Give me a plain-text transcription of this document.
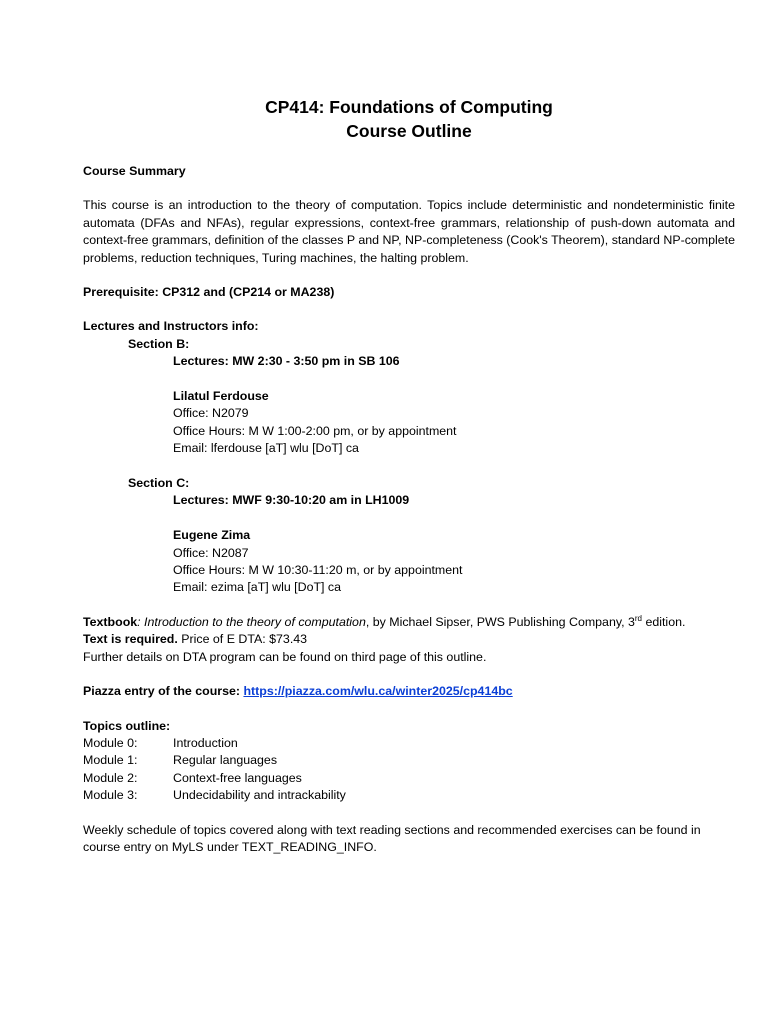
CP414: Foundations of Computing

Course Outline

Course Summary

This course is an introduction to the theory of computation. Topics include deterministic and nondeterministic finite automata (DFAs and NFAs), regular expressions, context-free grammars, relationship of push-down automata and context-free grammars, definition of the classes P and NP, NP-completeness (Cook's Theorem), standard NP-complete problems, reduction techniques, Turing machines, the halting problem.

Prerequisite: CP312 and (CP214 or MA238)

Lectures and Instructors info:

Section B:

Lectures: MW 2:30 - 3:50 pm in SB 106

Lilatul Ferdouse

Office: N2079

Office Hours: M W 1:00-2:00 pm, or by appointment

Email: lferdouse [aT] wlu [DoT] ca

Section C:

Lectures: MWF 9:30-10:20 am in LH1009

Eugene Zima

Office: N2087

Office Hours: M W 10:30-11:20 m, or by appointment

Email: ezima [aT] wlu [DoT] ca

Textbook: Introduction to the theory of computation, by Michael Sipser, PWS Publishing Company, 3rd edition.

Text is required. Price of E DTA: $73.43

Further details on DTA program can be found on third page of this outline.

Piazza entry of the course: https://piazza.com/wlu.ca/winter2025/cp414bc

Topics outline:

Module 0:	Introduction
Module 1:	Regular languages
Module 2:	Context-free languages
Module 3:	Undecidability and intrackability

Weekly schedule of topics covered along with text reading sections and recommended exercises can be found in course entry on MyLS under TEXT_READING_INFO.
